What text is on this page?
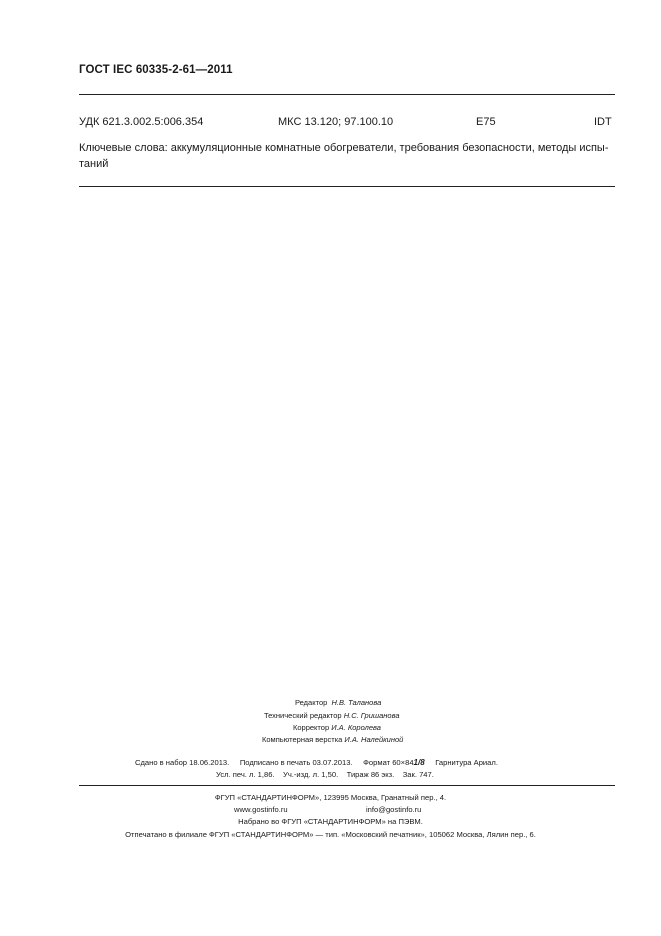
ГОСТ IEC 60335-2-61—2011
УДК 621.3.002.5:006.354	МКС 13.120; 97.100.10	E75	IDT
Ключевые слова: аккумуляционные комнатные обогреватели, требования безопасности, методы испы-
таний
Редактор Н.В. Таланова
Технический редактор Н.С. Гришанова
Корректор И.А. Королева
Компьютерная верстка И.А. Налейкиной
Сдано в набор 18.06.2013. Подписано в печать 03.07.2013. Формат 60×841/8 Гарнитура Ариал.
Усл. печ. л. 1,86. Уч.-изд. л. 1,50. Тираж 86 экз. Зак. 747.
ФГУП «СТАНДАРТИНФОРМ», 123995 Москва, Гранатный пер., 4.
www.gostinfo.ru	info@gostinfo.ru
Набрано во ФГУП «СТАНДАРТИНФОРМ» на ПЭВМ.
Отпечатано в филиале ФГУП «СТАНДАРТИНФОРМ» — тип. «Московский печатник», 105062 Москва, Лялин пер., 6.
